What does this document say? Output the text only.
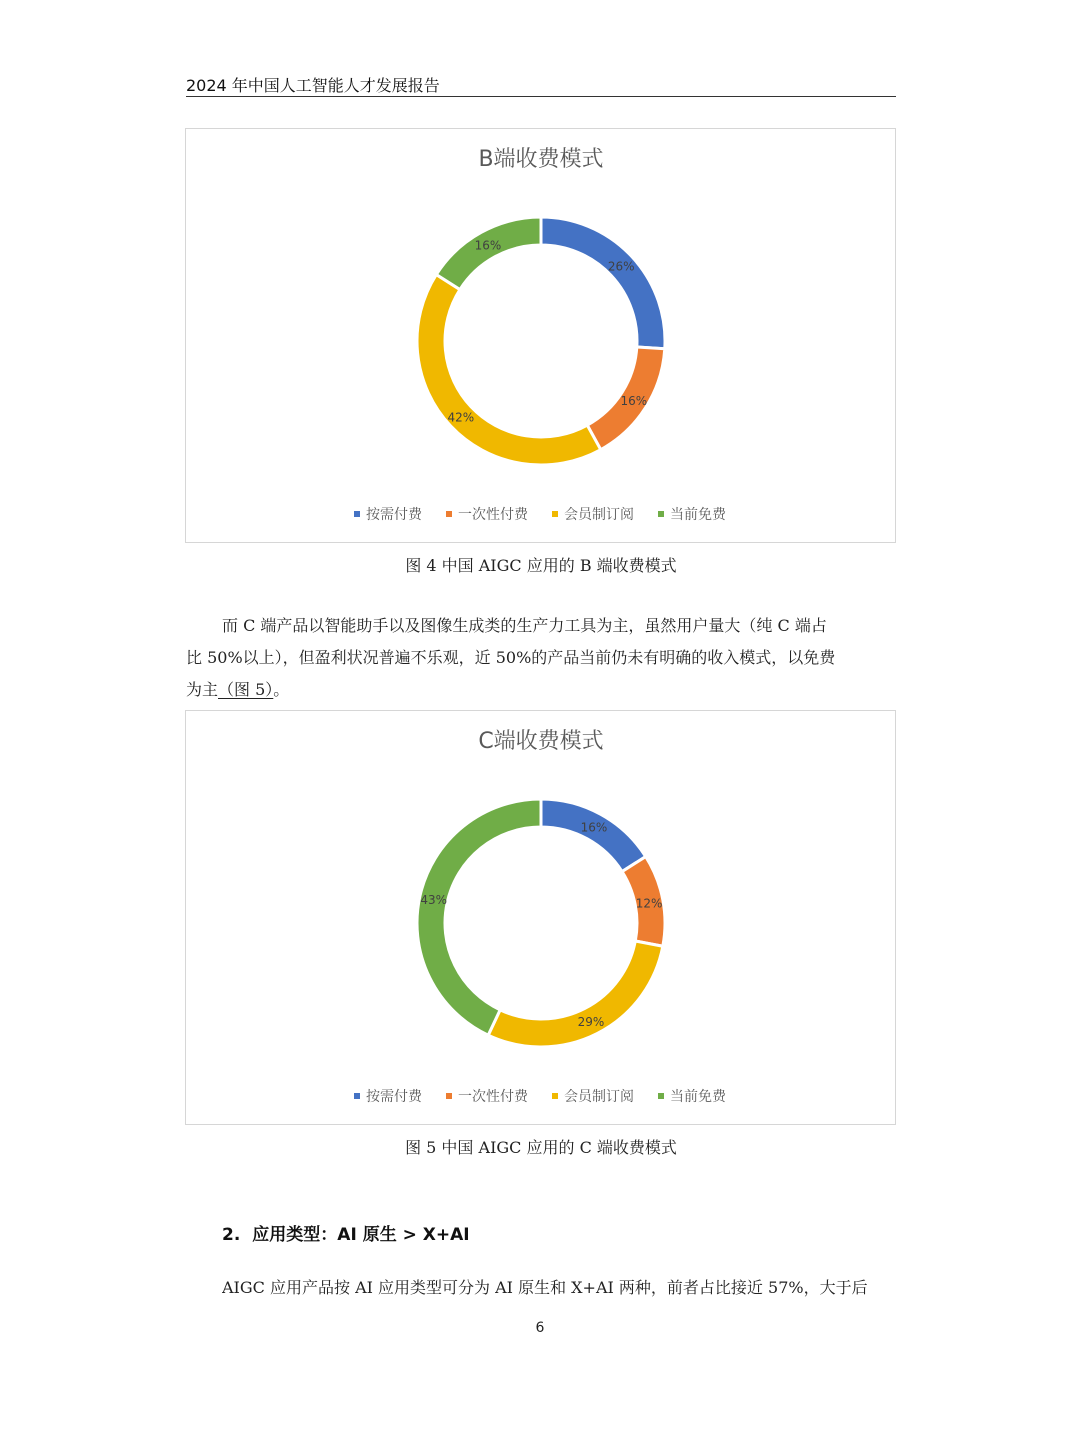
2024 年中国人工智能人才发展报告
B端收费模式
26%
16%
42%
16%
按需付费	一次性付费	会员制订阅	当前免费
图 4 中国 AIGC 应用的 B 端收费模式
而 C 端产品以智能助手以及图像生成类的生产力工具为主，虽然用户量大（纯 C 端占
比 50%以上），但盈利状况普遍不乐观，近 50%的产品当前仍未有明确的收入模式，以免费
为主（图 5）。
C端收费模式
16%
12%
29%
43%
按需付费	一次性付费	会员制订阅	当前免费
图 5 中国 AIGC 应用的 C 端收费模式
2. 应用类型：AI 原生 > X+AI
AIGC 应用产品按 AI 应用类型可分为 AI 原生和 X+AI 两种，前者占比接近 57%，大于后
6
